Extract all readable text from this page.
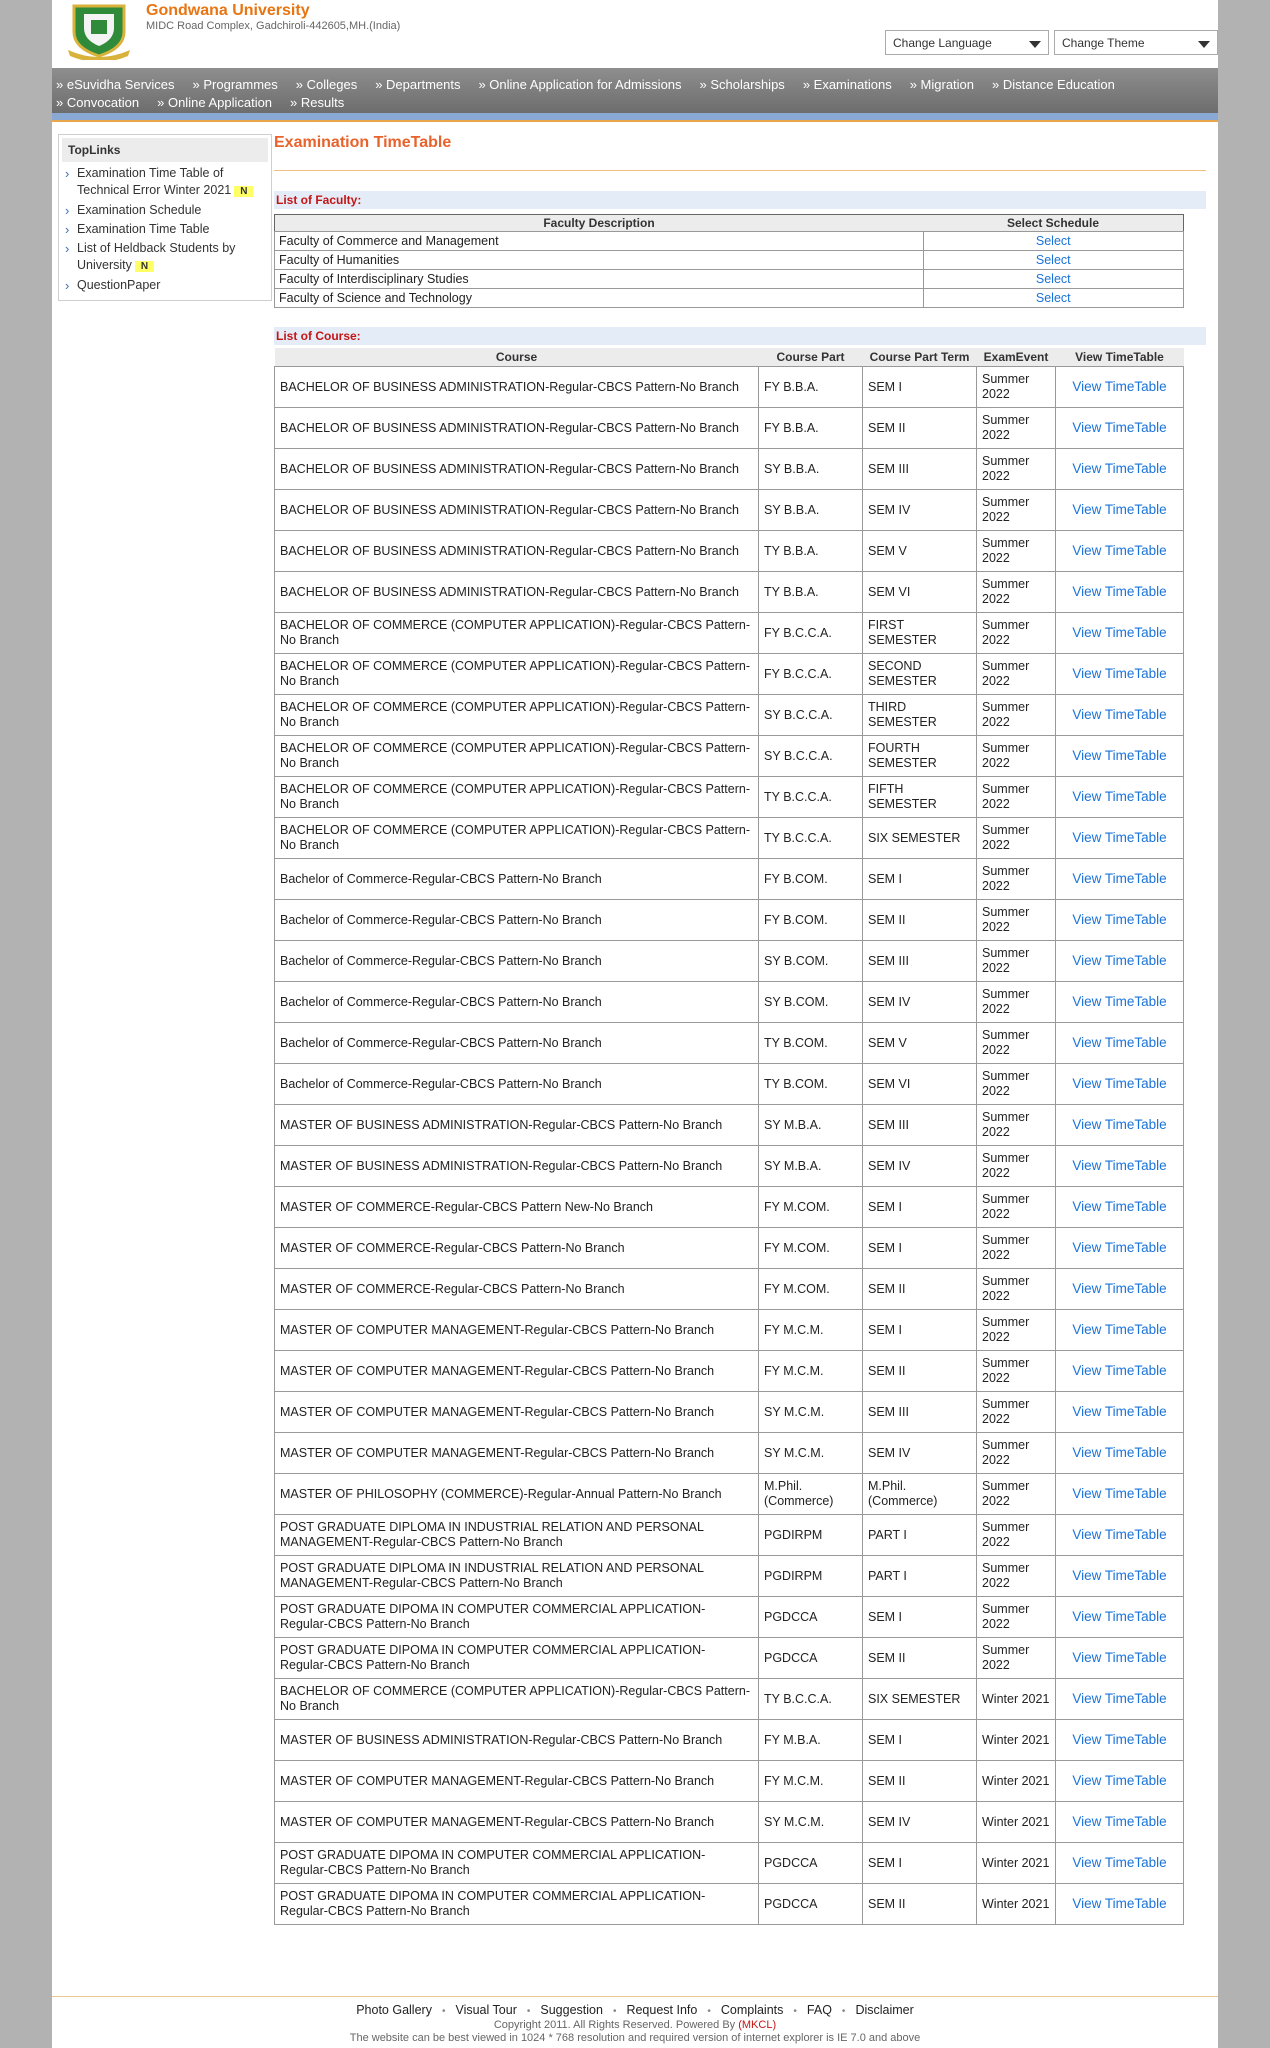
Gondwana University
MIDC Road Complex, Gadchiroli-442605,MH.(India)
Change Language	Change Theme
» eSuvidha Services » Programmes » Colleges » Departments » Online Application for Admissions » Scholarships » Examinations » Migration » Distance Education» Convocation » Online Application » Results
TopLinks
› Examination Time Table of Technical Error Winter 2021 N
› Examination Schedule
› Examination Time Table
› List of Heldback Students by University N
› QuestionPaper
Examination TimeTable
List of Faculty:
Faculty Description	Select Schedule
Faculty of Commerce and Management	Select
Faculty of Humanities	Select
Faculty of Interdisciplinary Studies	Select
Faculty of Science and Technology	Select
List of Course:
Course	Course Part	Course Part Term	ExamEvent	View TimeTable
BACHELOR OF BUSINESS ADMINISTRATION-Regular-CBCS Pattern-No Branch	FY B.B.A.	SEM I	Summer 2022	View TimeTable
BACHELOR OF BUSINESS ADMINISTRATION-Regular-CBCS Pattern-No Branch	FY B.B.A.	SEM II	Summer 2022	View TimeTable
BACHELOR OF BUSINESS ADMINISTRATION-Regular-CBCS Pattern-No Branch	SY B.B.A.	SEM III	Summer 2022	View TimeTable
BACHELOR OF BUSINESS ADMINISTRATION-Regular-CBCS Pattern-No Branch	SY B.B.A.	SEM IV	Summer 2022	View TimeTable
BACHELOR OF BUSINESS ADMINISTRATION-Regular-CBCS Pattern-No Branch	TY B.B.A.	SEM V	Summer 2022	View TimeTable
BACHELOR OF BUSINESS ADMINISTRATION-Regular-CBCS Pattern-No Branch	TY B.B.A.	SEM VI	Summer 2022	View TimeTable
BACHELOR OF COMMERCE (COMPUTER APPLICATION)-Regular-CBCS Pattern-No Branch	FY B.C.C.A.	FIRST SEMESTER	Summer 2022	View TimeTable
BACHELOR OF COMMERCE (COMPUTER APPLICATION)-Regular-CBCS Pattern-No Branch	FY B.C.C.A.	SECOND SEMESTER	Summer 2022	View TimeTable
BACHELOR OF COMMERCE (COMPUTER APPLICATION)-Regular-CBCS Pattern-No Branch	SY B.C.C.A.	THIRD SEMESTER	Summer 2022	View TimeTable
BACHELOR OF COMMERCE (COMPUTER APPLICATION)-Regular-CBCS Pattern-No Branch	SY B.C.C.A.	FOURTH SEMESTER	Summer 2022	View TimeTable
BACHELOR OF COMMERCE (COMPUTER APPLICATION)-Regular-CBCS Pattern-No Branch	TY B.C.C.A.	FIFTH SEMESTER	Summer 2022	View TimeTable
BACHELOR OF COMMERCE (COMPUTER APPLICATION)-Regular-CBCS Pattern-No Branch	TY B.C.C.A.	SIX SEMESTER	Summer 2022	View TimeTable
Bachelor of Commerce-Regular-CBCS Pattern-No Branch	FY B.COM.	SEM I	Summer 2022	View TimeTable
Bachelor of Commerce-Regular-CBCS Pattern-No Branch	FY B.COM.	SEM II	Summer 2022	View TimeTable
Bachelor of Commerce-Regular-CBCS Pattern-No Branch	SY B.COM.	SEM III	Summer 2022	View TimeTable
Bachelor of Commerce-Regular-CBCS Pattern-No Branch	SY B.COM.	SEM IV	Summer 2022	View TimeTable
Bachelor of Commerce-Regular-CBCS Pattern-No Branch	TY B.COM.	SEM V	Summer 2022	View TimeTable
Bachelor of Commerce-Regular-CBCS Pattern-No Branch	TY B.COM.	SEM VI	Summer 2022	View TimeTable
MASTER OF BUSINESS ADMINISTRATION-Regular-CBCS Pattern-No Branch	SY M.B.A.	SEM III	Summer 2022	View TimeTable
MASTER OF BUSINESS ADMINISTRATION-Regular-CBCS Pattern-No Branch	SY M.B.A.	SEM IV	Summer 2022	View TimeTable
MASTER OF COMMERCE-Regular-CBCS Pattern New-No Branch	FY M.COM.	SEM I	Summer 2022	View TimeTable
MASTER OF COMMERCE-Regular-CBCS Pattern-No Branch	FY M.COM.	SEM I	Summer 2022	View TimeTable
MASTER OF COMMERCE-Regular-CBCS Pattern-No Branch	FY M.COM.	SEM II	Summer 2022	View TimeTable
MASTER OF COMPUTER MANAGEMENT-Regular-CBCS Pattern-No Branch	FY M.C.M.	SEM I	Summer 2022	View TimeTable
MASTER OF COMPUTER MANAGEMENT-Regular-CBCS Pattern-No Branch	FY M.C.M.	SEM II	Summer 2022	View TimeTable
MASTER OF COMPUTER MANAGEMENT-Regular-CBCS Pattern-No Branch	SY M.C.M.	SEM III	Summer 2022	View TimeTable
MASTER OF COMPUTER MANAGEMENT-Regular-CBCS Pattern-No Branch	SY M.C.M.	SEM IV	Summer 2022	View TimeTable
MASTER OF PHILOSOPHY (COMMERCE)-Regular-Annual Pattern-No Branch	M.Phil. (Commerce)	M.Phil. (Commerce)	Summer 2022	View TimeTable
POST GRADUATE DIPLOMA IN INDUSTRIAL RELATION AND PERSONAL MANAGEMENT-Regular-CBCS Pattern-No Branch	PGDIRPM	PART I	Summer 2022	View TimeTable
POST GRADUATE DIPLOMA IN INDUSTRIAL RELATION AND PERSONAL MANAGEMENT-Regular-CBCS Pattern-No Branch	PGDIRPM	PART I	Summer 2022	View TimeTable
POST GRADUATE DIPOMA IN COMPUTER COMMERCIAL APPLICATION-Regular-CBCS Pattern-No Branch	PGDCCA	SEM I	Summer 2022	View TimeTable
POST GRADUATE DIPOMA IN COMPUTER COMMERCIAL APPLICATION-Regular-CBCS Pattern-No Branch	PGDCCA	SEM II	Summer 2022	View TimeTable
BACHELOR OF COMMERCE (COMPUTER APPLICATION)-Regular-CBCS Pattern-No Branch	TY B.C.C.A.	SIX SEMESTER	Winter 2021	View TimeTable
MASTER OF BUSINESS ADMINISTRATION-Regular-CBCS Pattern-No Branch	FY M.B.A.	SEM I	Winter 2021	View TimeTable
MASTER OF COMPUTER MANAGEMENT-Regular-CBCS Pattern-No Branch	FY M.C.M.	SEM II	Winter 2021	View TimeTable
MASTER OF COMPUTER MANAGEMENT-Regular-CBCS Pattern-No Branch	SY M.C.M.	SEM IV	Winter 2021	View TimeTable
POST GRADUATE DIPOMA IN COMPUTER COMMERCIAL APPLICATION-Regular-CBCS Pattern-No Branch	PGDCCA	SEM I	Winter 2021	View TimeTable
POST GRADUATE DIPOMA IN COMPUTER COMMERCIAL APPLICATION-Regular-CBCS Pattern-No Branch	PGDCCA	SEM II	Winter 2021	View TimeTable
Photo Gallery • Visual Tour • Suggestion • Request Info • Complaints • FAQ • Disclaimer
Copyright 2011. All Rights Reserved. Powered By (MKCL)
The website can be best viewed in 1024 * 768 resolution and required version of internet explorer is IE 7.0 and above
